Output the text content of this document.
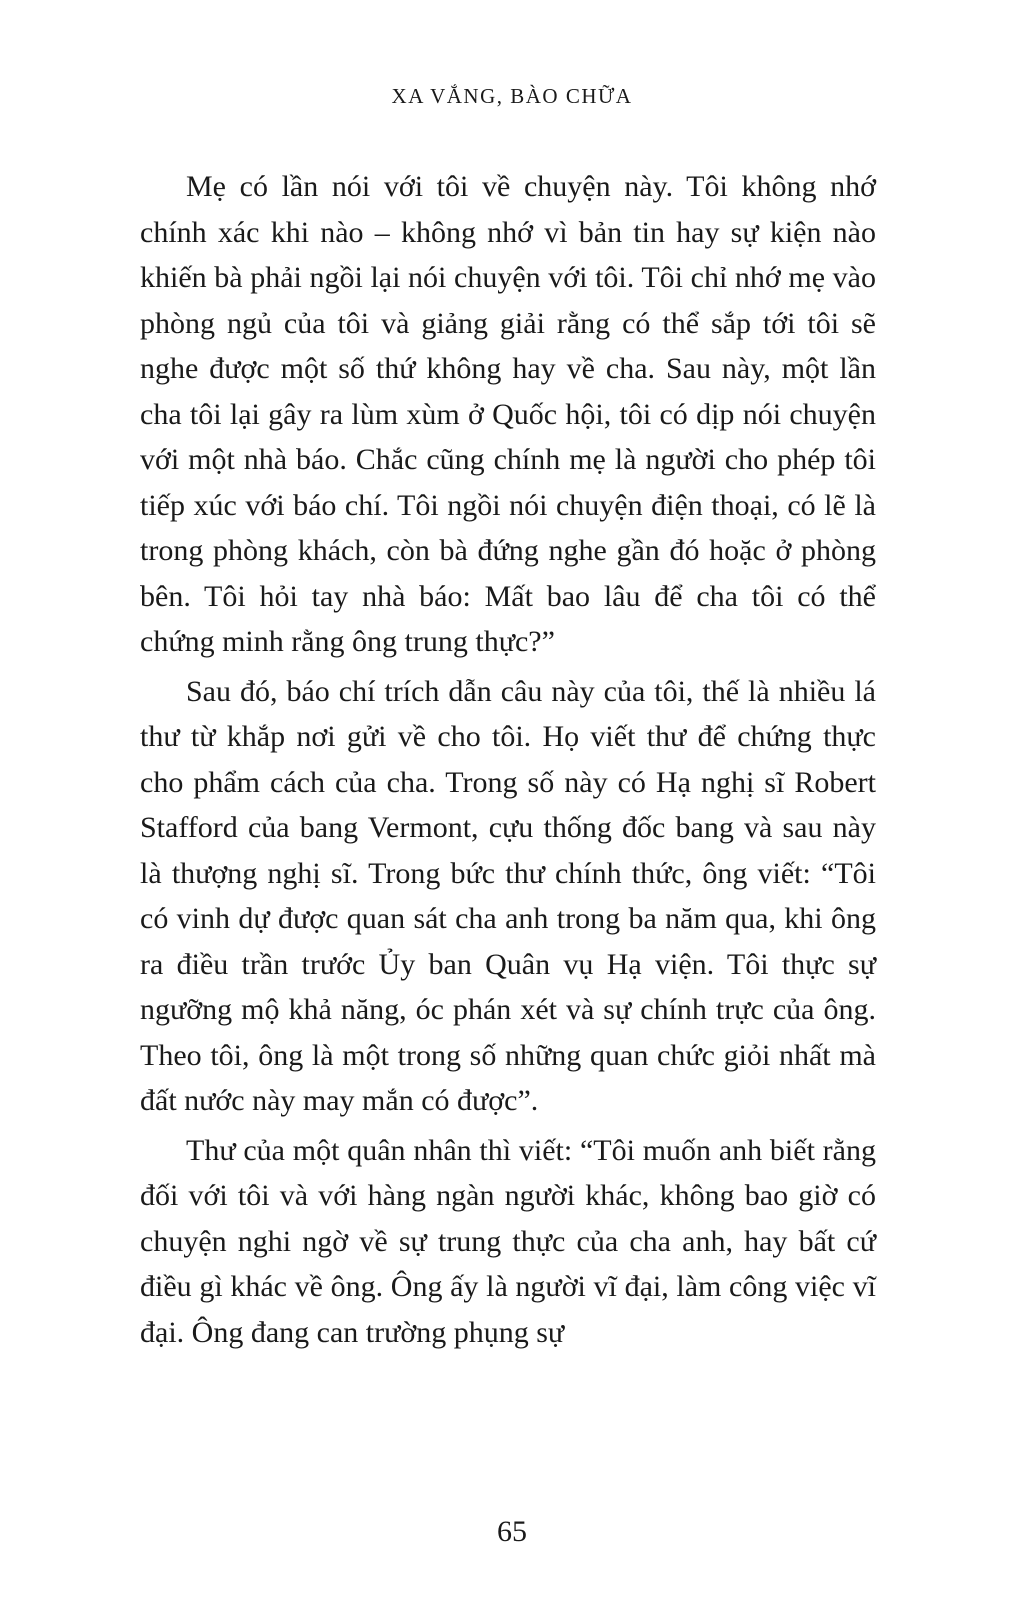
XA VẮNG, BÀO CHỮA

Mẹ có lần nói với tôi về chuyện này. Tôi không nhớ chính xác khi nào – không nhớ vì bản tin hay sự kiện nào khiến bà phải ngồi lại nói chuyện với tôi. Tôi chỉ nhớ mẹ vào phòng ngủ của tôi và giảng giải rằng có thể sắp tới tôi sẽ nghe được một số thứ không hay về cha. Sau này, một lần cha tôi lại gây ra lùm xùm ở Quốc hội, tôi có dịp nói chuyện với một nhà báo. Chắc cũng chính mẹ là người cho phép tôi tiếp xúc với báo chí. Tôi ngồi nói chuyện điện thoại, có lẽ là trong phòng khách, còn bà đứng nghe gần đó hoặc ở phòng bên. Tôi hỏi tay nhà báo: Mất bao lâu để cha tôi có thể chứng minh rằng ông trung thực?”

Sau đó, báo chí trích dẫn câu này của tôi, thế là nhiều lá thư từ khắp nơi gửi về cho tôi. Họ viết thư để chứng thực cho phẩm cách của cha. Trong số này có Hạ nghị sĩ Robert Stafford của bang Vermont, cựu thống đốc bang và sau này là thượng nghị sĩ. Trong bức thư chính thức, ông viết: “Tôi có vinh dự được quan sát cha anh trong ba năm qua, khi ông ra điều trần trước Ủy ban Quân vụ Hạ viện. Tôi thực sự ngưỡng mộ khả năng, óc phán xét và sự chính trực của ông. Theo tôi, ông là một trong số những quan chức giỏi nhất mà đất nước này may mắn có được”.

Thư của một quân nhân thì viết: “Tôi muốn anh biết rằng đối với tôi và với hàng ngàn người khác, không bao giờ có chuyện nghi ngờ về sự trung thực của cha anh, hay bất cứ điều gì khác về ông. Ông ấy là người vĩ đại, làm công việc vĩ đại. Ông đang can trường phụng sự

65
